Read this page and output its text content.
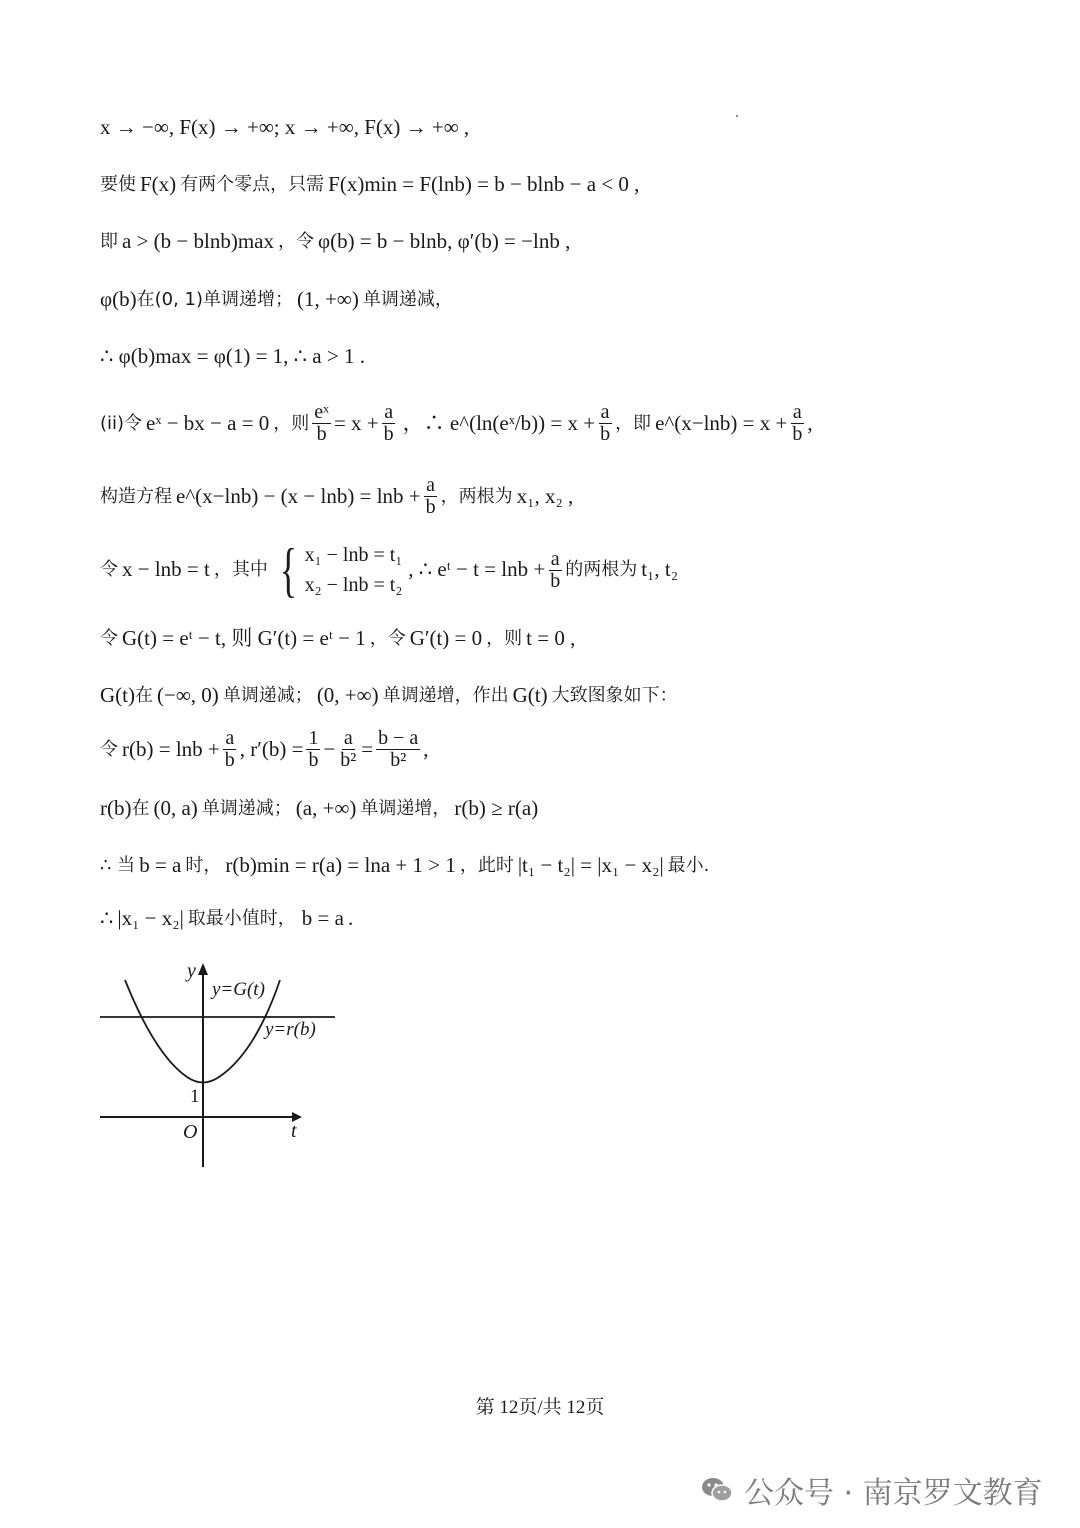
x → −∞, F(x) → +∞; x → +∞, F(x) → +∞ ,
要使 F(x) 有两个零点，只需 F(x)min = F(lnb) = b − blnb − a < 0 ,
即 a > (b − blnb)max ，令 φ(b) = b − blnb, φ′(b) = −lnb ,
φ(b) 在(0, 1)单调递增； (1, +∞) 单调递减，
∴ φ(b)max = φ(1) = 1, ∴ a > 1 .
(ii)令 eˣ − bx − a = 0 ，则 $\frac{\text{eˣ}}{b} = x + \frac{a}{b}$ ，∴ e^(ln(eˣ/b)) = $x + \frac{a}{b}$ ，即 e^(x−lnb) = $x + \frac{a}{b}$ ,
构造方程 e^(x−lnb) − $(x - \ln b) = \ln b + \frac{a}{b}$ ，两根为 x₁, x₂ ,
令 x − lnb = t ，其中 { x₁ − lnb = t₁
x₂ − lnb = t₂
, ∴ eᵗ − $t = \ln b + \frac{a}{b}$ 的两根为 t₁, t₂
令 G(t) = eᵗ − t, 则 G′(t) = eᵗ − 1 ，令 G′(t) = 0 ，则 t = 0 ,
G(t) 在 (−∞, 0) 单调递减； (0, +∞) 单调递增，作出 G(t) 大致图象如下：
令 $r(b) = \ln b + \frac{a}{b}$ , $r'(b) = \frac{1}{b} - \frac{a}{\text{b²}} = \frac{b - a}{\text{b²}}$ ,
r(b) 在 (0, a) 单调递减； (a, +∞) 单调递增， r(b) ≥ r(a)
∴ 当 b = a 时， r(b)min = r(a) = lna + 1 > 1 ，此时 |t₁ − t₂| = |x₁ − x₂| 最小.
∴ |x₁ − x₂| 取最小值时， b = a .
y
t
O
1
y=G(t)
y=r(b)
第 12页/共 12页
公众号 · 南京罗文教育
